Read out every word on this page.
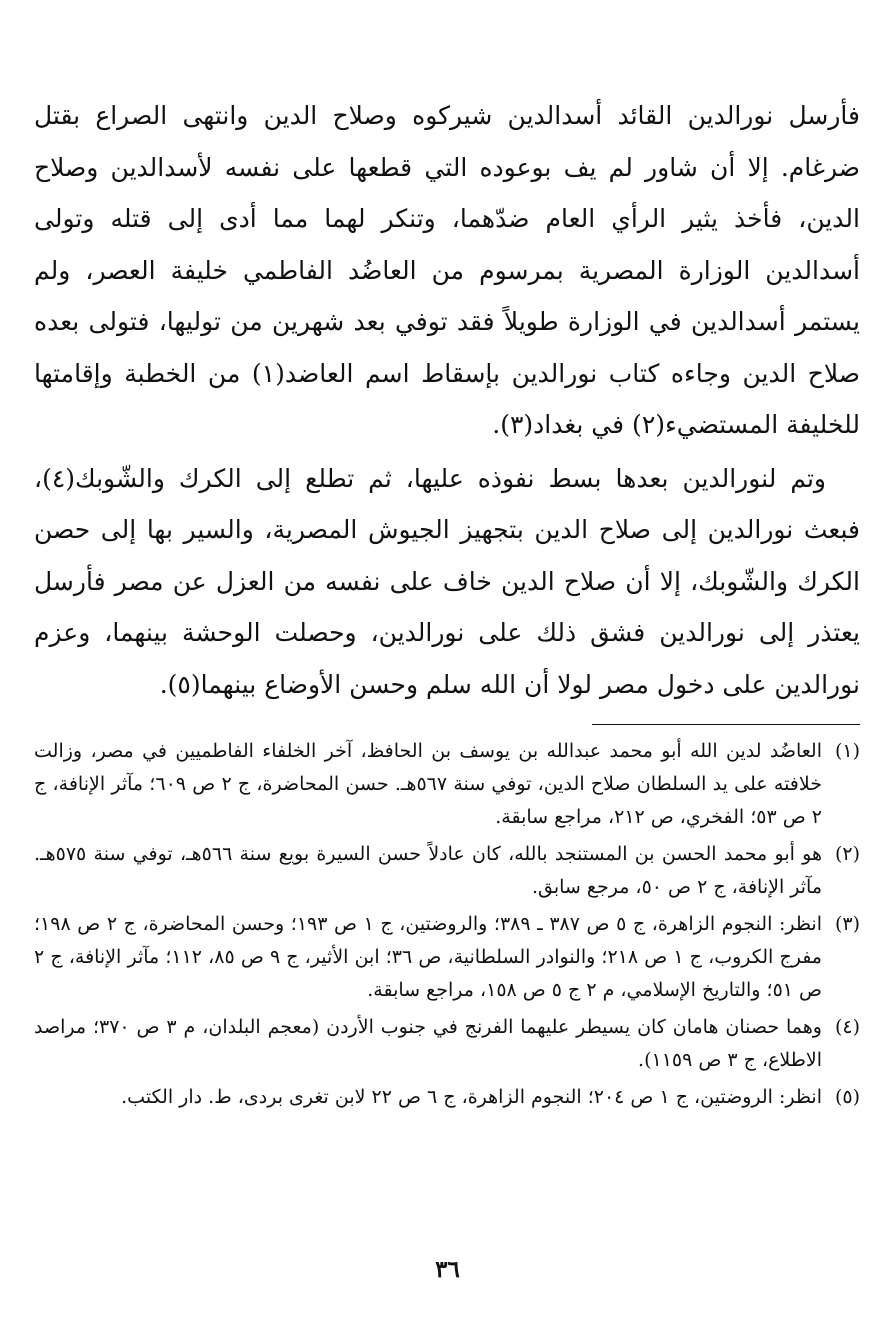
فأرسل نورالدين القائد أسدالدين شيركوه وصلاح الدين وانتهى الصراع بقتل ضرغام. إلا أن شاور لم يف بوعوده التي قطعها على نفسه لأسدالدين وصلاح الدين، فأخذ يثير الرأي العام ضدّهما، وتنكر لهما مما أدى إلى قتله وتولى أسدالدين الوزارة المصرية بمرسوم من العاضُد الفاطمي خليفة العصر، ولم يستمر أسدالدين في الوزارة طويلاً فقد توفي بعد شهرين من توليها، فتولى بعده صلاح الدين وجاءه كتاب نورالدين بإسقاط اسم العاضد(١) من الخطبة وإقامتها للخليفة المستضيء(٢) في بغداد(٣).

وتم لنورالدين بعدها بسط نفوذه عليها، ثم تطلع إلى الكرك والشّوبك(٤)، فبعث نورالدين إلى صلاح الدين بتجهيز الجيوش المصرية، والسير بها إلى حصن الكرك والشّوبك، إلا أن صلاح الدين خاف على نفسه من العزل عن مصر فأرسل يعتذر إلى نورالدين فشق ذلك على نورالدين، وحصلت الوحشة بينهما، وعزم نورالدين على دخول مصر لولا أن الله سلم وحسن الأوضاع بينهما(٥).

(١)
العاضُد لدين الله أبو محمد عبدالله بن يوسف بن الحافظ، آخر الخلفاء الفاطميين في مصر، وزالت خلافته على يد السلطان صلاح الدين، توفي سنة ٥٦٧هـ. حسن المحاضرة، ج ٢ ص ٦٠٩؛ مآثر الإنافة، ج ٢ ص ٥٣؛ الفخري، ص ٢١٢، مراجع سابقة.
(٢)
هو أبو محمد الحسن بن المستنجد بالله، كان عادلاً حسن السيرة بويع سنة ٥٦٦هـ، توفي سنة ٥٧٥هـ. مآثر الإنافة، ج ٢ ص ٥٠، مرجع سابق.
(٣)
انظر: النجوم الزاهرة، ج ٥ ص ٣٨٧ ـ ٣٨٩؛ والروضتين، ج ١ ص ١٩٣؛ وحسن المحاضرة، ج ٢ ص ١٩٨؛ مفرج الكروب، ج ١ ص ٢١٨؛ والنوادر السلطانية، ص ٣٦؛ ابن الأثير، ج ٩ ص ٨٥، ١١٢؛ مآثر الإنافة، ج ٢ ص ٥١؛ والتاريخ الإسلامي، م ٢ ج ٥ ص ١٥٨، مراجع سابقة.
(٤)
وهما حصنان هامان كان يسيطر عليهما الفرنج في جنوب الأردن (معجم البلدان، م ٣ ص ٣٧٠؛ مراصد الاطلاع، ج ٣ ص ١١٥٩).
(٥)
انظر: الروضتين، ج ١ ص ٢٠٤؛ النجوم الزاهرة، ج ٦ ص ٢٢ لابن تغرى بردى، ط. دار الكتب.
٣٦
